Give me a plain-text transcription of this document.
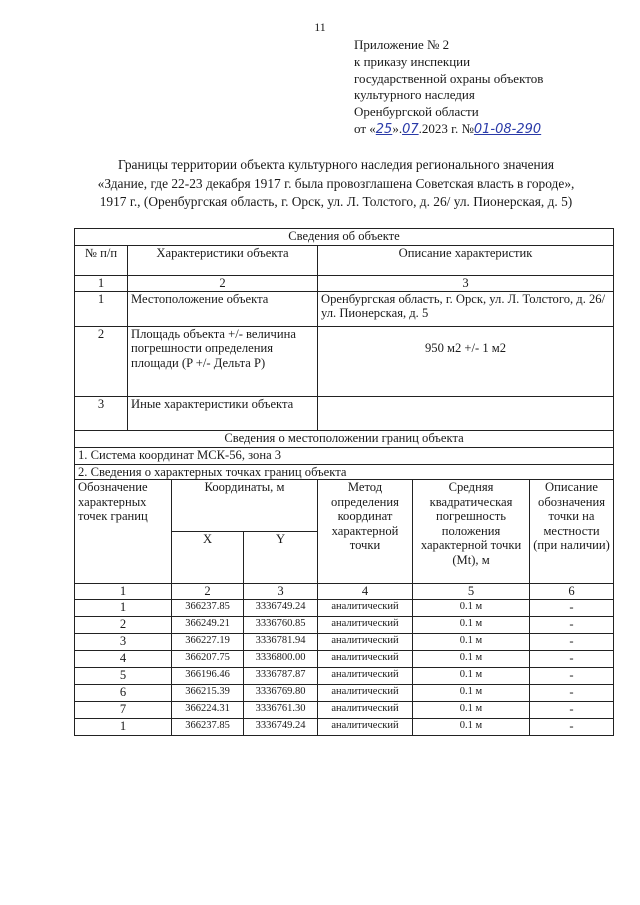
11
Приложение № 2
к приказу инспекции
государственной охраны объектов
культурного наследия
Оренбургской области
от «25».07.2023 г. №01-08-290
Границы территории объекта культурного наследия регионального значения
«Здание, где 22-23 декабря 1917 г. была провозглашена Советская власть в городе»,
1917 г., (Оренбургская область, г. Орск, ул. Л. Толстого, д. 26/ ул. Пионерская, д. 5)
Сведения об объекте						
№ п/п	Характеристики объекта			Описание характеристик		
1	2			3		
1	Местоположение объекта			Оренбургская область, г. Орск, ул. Л. Толстого, д. 26/ ул. Пионерская, д. 5		
2	Площадь объекта +/- величина погрешности определения площади (P +/- Дельта P)			950 м2 +/- 1 м2		
3	Иные характеристики объекта					
Сведения о местоположении границ объекта						
1. Система координат МСК-56, зона 3						
2. Сведения о характерных точках границ объекта						
Обозначение характерных точек границ		Координаты, м		Метод определения координат характерной точки	Средняя квадратическая погрешность положения характерной точки (Mt), м	Описание обозначения точки на местности (при наличии)
		X	Y			
1		2	3	4	5	6
1		366237.85	3336749.24	аналитический	0.1 м	-
2		366249.21	3336760.85	аналитический	0.1 м	-
3		366227.19	3336781.94	аналитический	0.1 м	-
4		366207.75	3336800.00	аналитический	0.1 м	-
5		366196.46	3336787.87	аналитический	0.1 м	-
6		366215.39	3336769.80	аналитический	0.1 м	-
7		366224.31	3336761.30	аналитический	0.1 м	-
1		366237.85	3336749.24	аналитический	0.1 м	-
